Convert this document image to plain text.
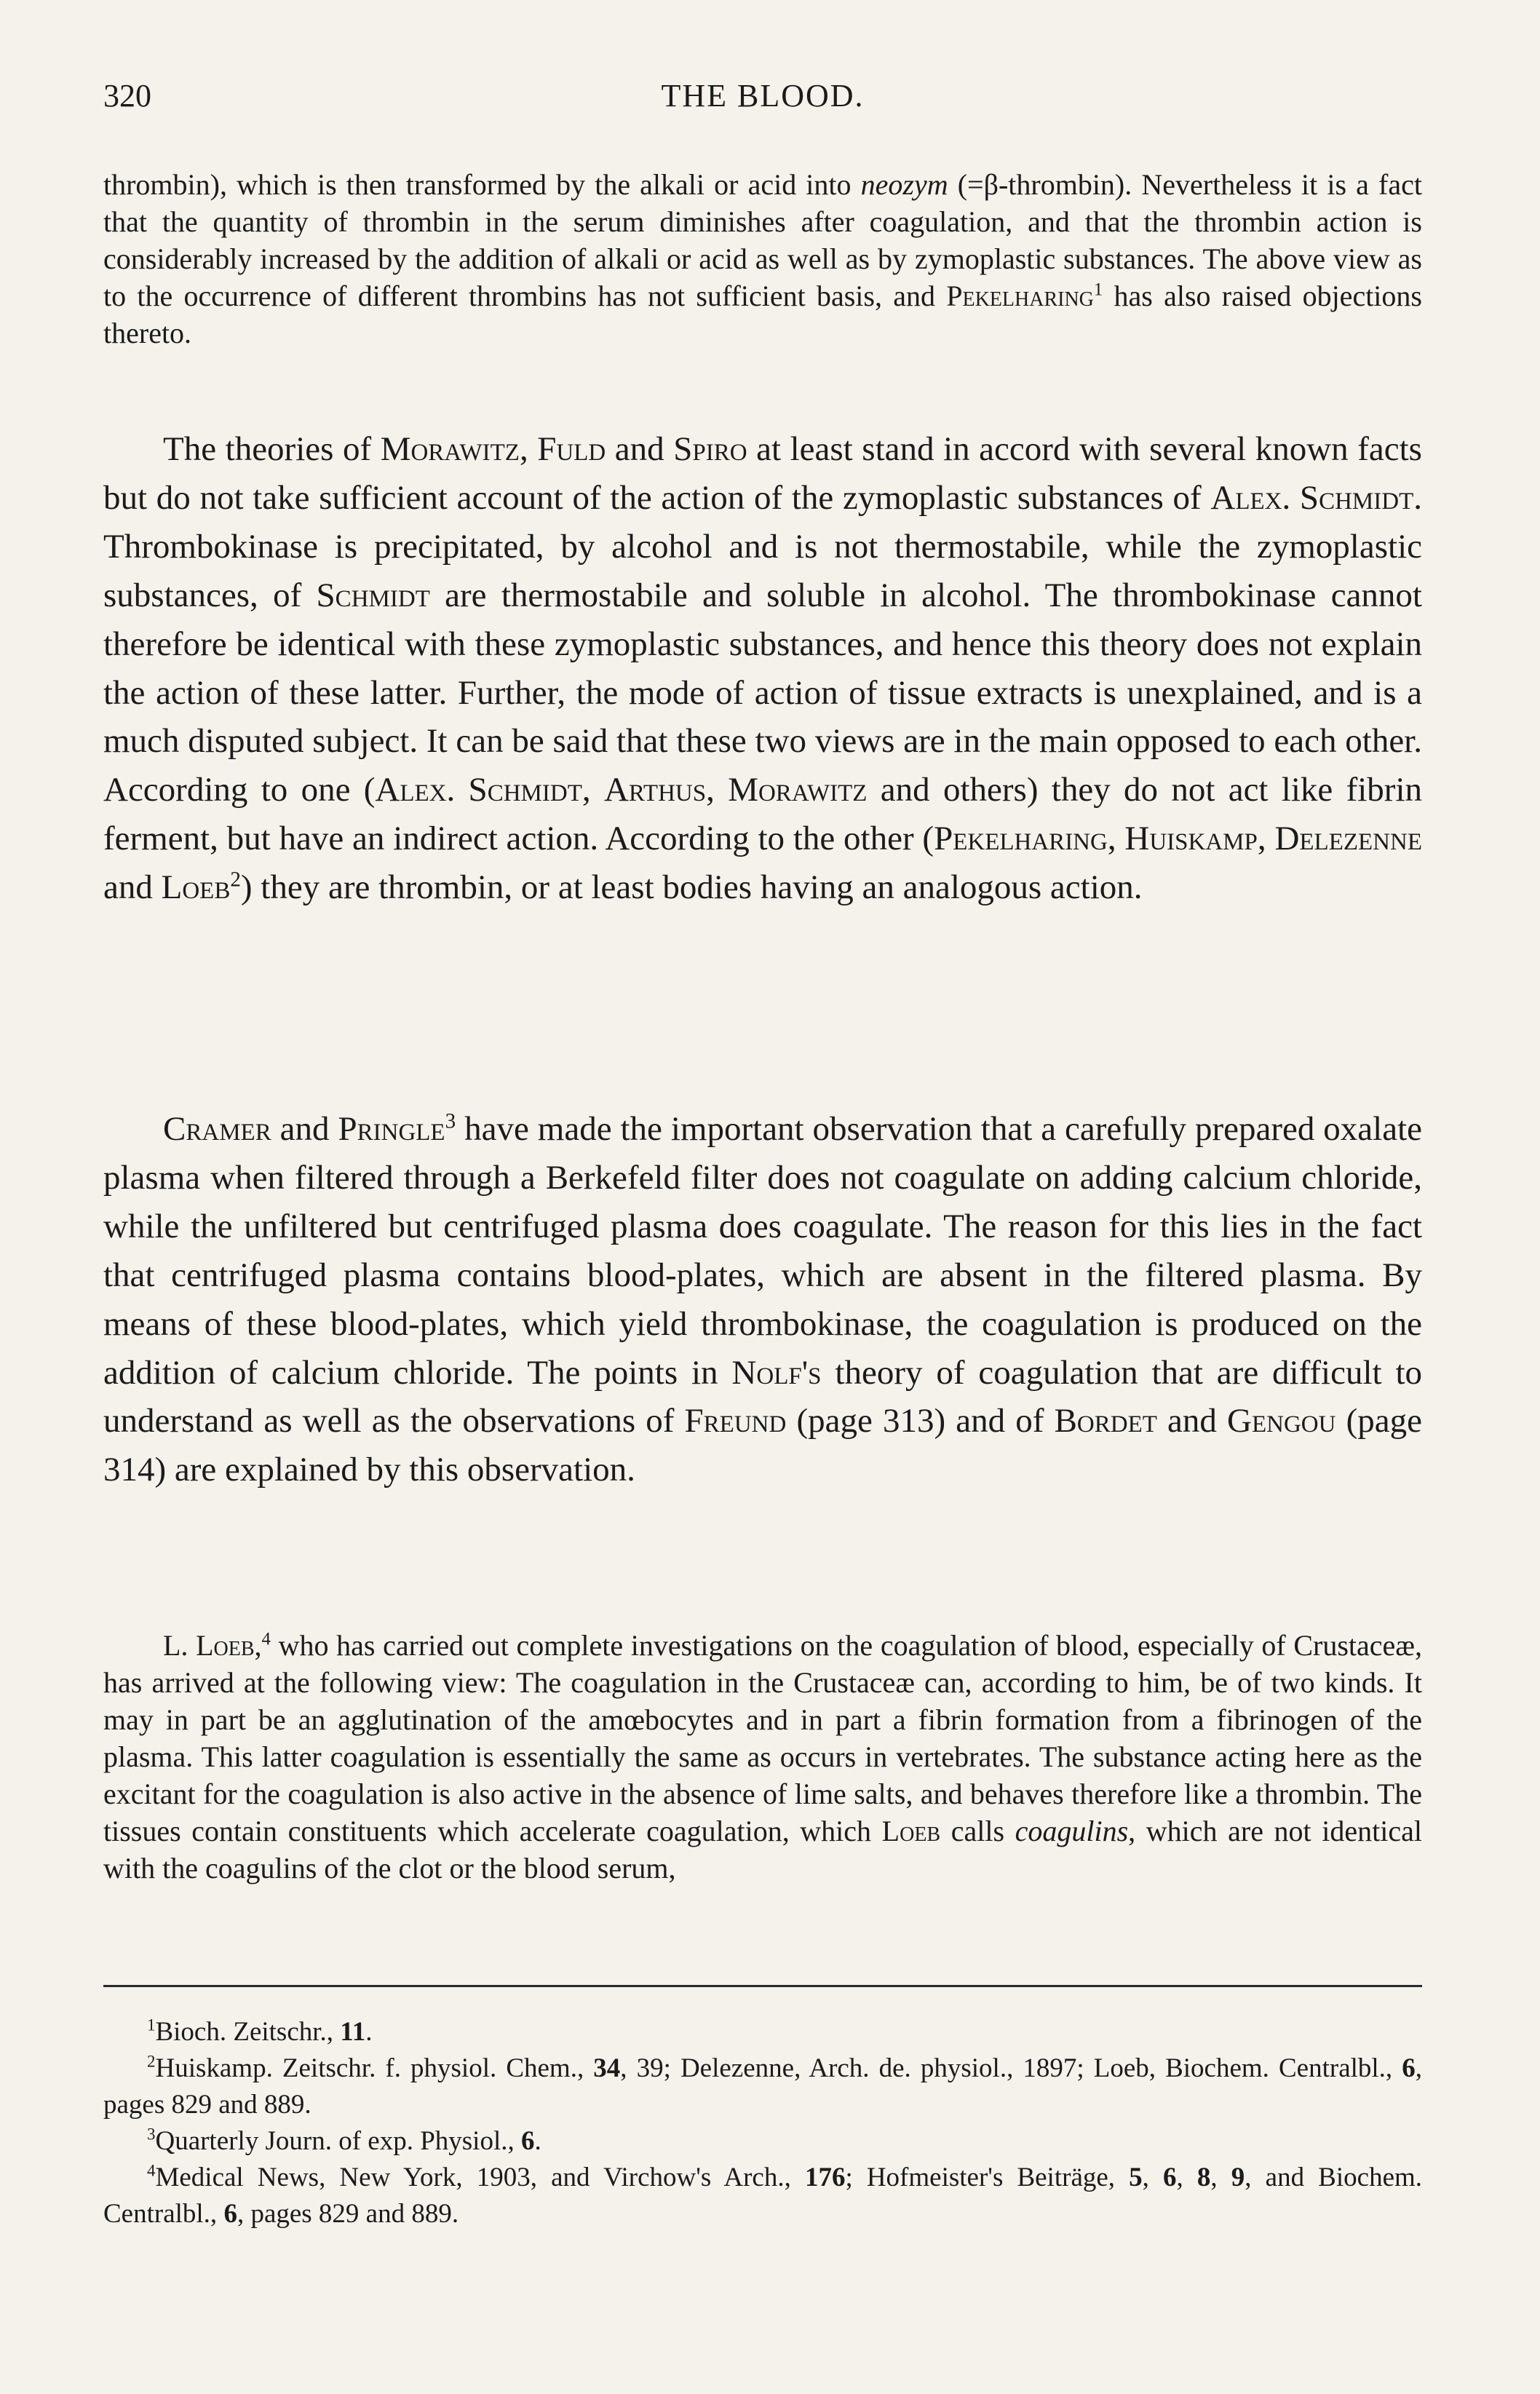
320	THE BLOOD.

thrombin), which is then transformed by the alkali or acid into neozym (=β-thrombin). Nevertheless it is a fact that the quantity of thrombin in the serum diminishes after coagulation, and that the thrombin action is considerably increased by the addition of alkali or acid as well as by zymoplastic substances. The above view as to the occurrence of different thrombins has not sufficient basis, and Pekelharing$^1$ has also raised objections thereto.

The theories of Morawitz, Fuld and Spiro at least stand in accord with several known facts but do not take sufficient account of the action of the zymoplastic substances of Alex. Schmidt. Thrombokinase is precipitated, by alcohol and is not thermostabile, while the zymoplastic substances, of Schmidt are thermostabile and soluble in alcohol. The thrombokinase cannot therefore be identical with these zymoplastic substances, and hence this theory does not explain the action of these latter. Further, the mode of action of tissue extracts is unexplained, and is a much disputed subject. It can be said that these two views are in the main opposed to each other. According to one (Alex. Schmidt, Arthus, Morawitz and others) they do not act like fibrin ferment, but have an indirect action. According to the other (Pekelharing, Huiskamp, Delezenne and Loeb$^2$) they are thrombin, or at least bodies having an analogous action.

Cramer and Pringle$^3$ have made the important observation that a carefully prepared oxalate plasma when filtered through a Berkefeld filter does not coagulate on adding calcium chloride, while the unfiltered but centrifuged plasma does coagulate. The reason for this lies in the fact that centrifuged plasma contains blood-plates, which are absent in the filtered plasma. By means of these blood-plates, which yield thrombokinase, the coagulation is produced on the addition of calcium chloride. The points in Nolf's theory of coagulation that are difficult to understand as well as the observations of Freund (page 313) and of Bordet and Gengou (page 314) are explained by this observation.

L. Loeb,$^4$ who has carried out complete investigations on the coagulation of blood, especially of Crustaceæ, has arrived at the following view: The coagulation in the Crustaceæ can, according to him, be of two kinds. It may in part be an agglutination of the amœbocytes and in part a fibrin formation from a fibrinogen of the plasma. This latter coagulation is essentially the same as occurs in vertebrates. The substance acting here as the excitant for the coagulation is also active in the absence of lime salts, and behaves therefore like a thrombin. The tissues contain constituents which accelerate coagulation, which Loeb calls coagulins, which are not identical with the coagulins of the clot or the blood serum,

$^1$Bioch. Zeitschr., 11.

$^2$Huiskamp. Zeitschr. f. physiol. Chem., 34, 39; Delezenne, Arch. de. physiol., 1897; Loeb, Biochem. Centralbl., 6, pages 829 and 889.

$^3$Quarterly Journ. of exp. Physiol., 6.

$^4$Medical News, New York, 1903, and Virchow's Arch., 176; Hofmeister's Beiträge, 5, 6, 8, 9, and Biochem. Centralbl., 6, pages 829 and 889.
